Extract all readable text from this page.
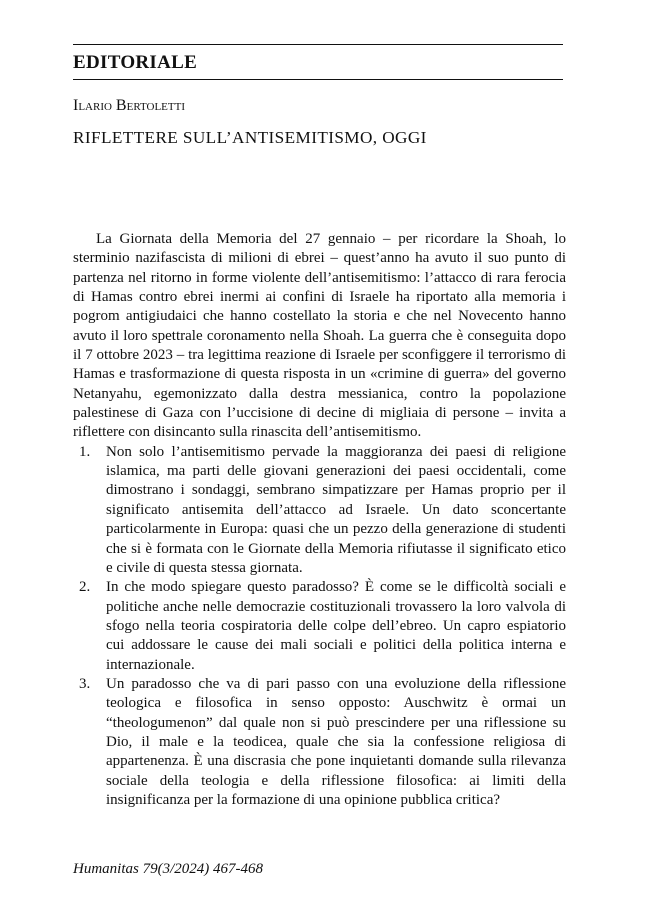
EDITORIALE
Ilario Bertoletti
RIFLETTERE SULL’ANTISEMITISMO, OGGI

La Giornata della Memoria del 27 gennaio – per ricordare la Shoah, lo sterminio nazifascista di milioni di ebrei – quest’anno ha avuto il suo punto di partenza nel ritorno in forme violente dell’antisemitismo: l’attacco di rara ferocia di Hamas contro ebrei inermi ai confini di Israele ha riportato alla memoria i pogrom antigiudaici che hanno costellato la storia e che nel Novecento hanno avuto il loro spettrale coronamento nella Shoah. La guerra che è conseguita dopo il 7 ottobre 2023 – tra legittima reazione di Israele per sconfiggere il terrorismo di Hamas e trasformazione di questa risposta in un «crimine di guerra» del governo Netanyahu, egemonizzato dalla destra messianica, contro la popolazione palestinese di Gaza con l’uccisione di decine di migliaia di persone – invita a riflettere con disincanto sulla rinascita dell’antisemitismo.

1. Non solo l’antisemitismo pervade la maggioranza dei paesi di religione islamica, ma parti delle giovani generazioni dei paesi occidentali, come dimostrano i sondaggi, sembrano simpatizzare per Hamas proprio per il significato antisemita dell’attacco ad Israele. Un dato sconcertante particolarmente in Europa: quasi che un pezzo della generazione di studenti che si è formata con le Giornate della Memoria rifiutasse il significato etico e civile di questa stessa giornata.
2. In che modo spiegare questo paradosso? È come se le difficoltà sociali e politiche anche nelle democrazie costituzionali trovassero la loro valvola di sfogo nella teoria cospiratoria delle colpe dell’ebreo. Un capro espiatorio cui addossare le cause dei mali sociali e politici della politica interna e internazionale.
3. Un paradosso che va di pari passo con una evoluzione della riflessione teologica e filosofica in senso opposto: Auschwitz è ormai un “theologumenon” dal quale non si può prescindere per una riflessione su Dio, il male e la teodicea, quale che sia la confessione religiosa di appartenenza. È una discrasia che pone inquietanti domande sulla rilevanza sociale della teologia e della riflessione filosofica: ai limiti della insignificanza per la formazione di una opinione pubblica critica?
Humanitas 79(3/2024) 467-468
